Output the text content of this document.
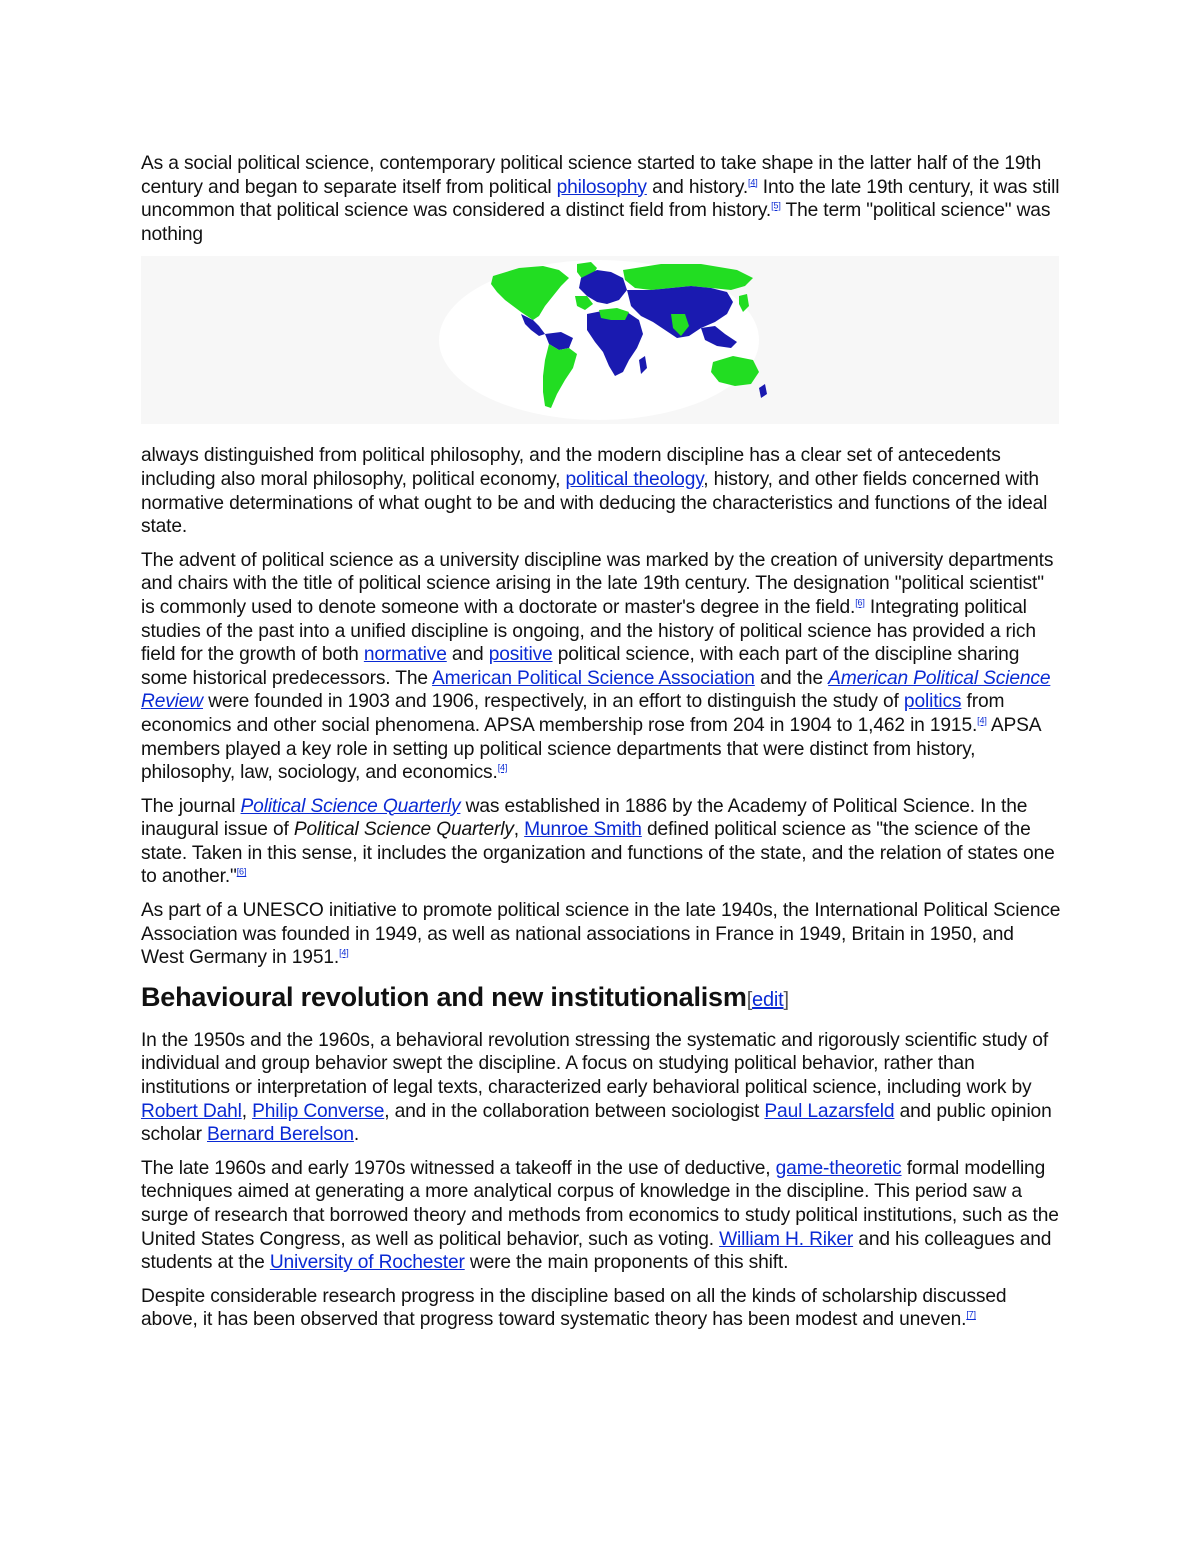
As a social political science, contemporary political science started to take shape in the latter half of the 19th century and began to separate itself from political philosophy and history.[4] Into the late 19th century, it was still uncommon that political science was considered a distinct field from history.[5] The term "political science" was nothing

always distinguished from political philosophy, and the modern discipline has a clear set of antecedents including also moral philosophy, political economy, political theology, history, and other fields concerned with normative determinations of what ought to be and with deducing the characteristics and functions of the ideal state.

The advent of political science as a university discipline was marked by the creation of university departments and chairs with the title of political science arising in the late 19th century. The designation "political scientist" is commonly used to denote someone with a doctorate or master's degree in the field.[6] Integrating political studies of the past into a unified discipline is ongoing, and the history of political science has provided a rich field for the growth of both normative and positive political science, with each part of the discipline sharing some historical predecessors. The American Political Science Association and the American Political Science Review were founded in 1903 and 1906, respectively, in an effort to distinguish the study of politics from economics and other social phenomena. APSA membership rose from 204 in 1904 to 1,462 in 1915.[4] APSA members played a key role in setting up political science departments that were distinct from history, philosophy, law, sociology, and economics.[4]

The journal Political Science Quarterly was established in 1886 by the Academy of Political Science. In the inaugural issue of Political Science Quarterly, Munroe Smith defined political science as "the science of the state. Taken in this sense, it includes the organization and functions of the state, and the relation of states one to another."[6]

As part of a UNESCO initiative to promote political science in the late 1940s, the International Political Science Association was founded in 1949, as well as national associations in France in 1949, Britain in 1950, and West Germany in 1951.[4]

Behavioural revolution and new institutionalism[edit]

In the 1950s and the 1960s, a behavioral revolution stressing the systematic and rigorously scientific study of individual and group behavior swept the discipline. A focus on studying political behavior, rather than institutions or interpretation of legal texts, characterized early behavioral political science, including work by Robert Dahl, Philip Converse, and in the collaboration between sociologist Paul Lazarsfeld and public opinion scholar Bernard Berelson.

The late 1960s and early 1970s witnessed a takeoff in the use of deductive, game-theoretic formal modelling techniques aimed at generating a more analytical corpus of knowledge in the discipline. This period saw a surge of research that borrowed theory and methods from economics to study political institutions, such as the United States Congress, as well as political behavior, such as voting. William H. Riker and his colleagues and students at the University of Rochester were the main proponents of this shift.

Despite considerable research progress in the discipline based on all the kinds of scholarship discussed above, it has been observed that progress toward systematic theory has been modest and uneven.[7]
